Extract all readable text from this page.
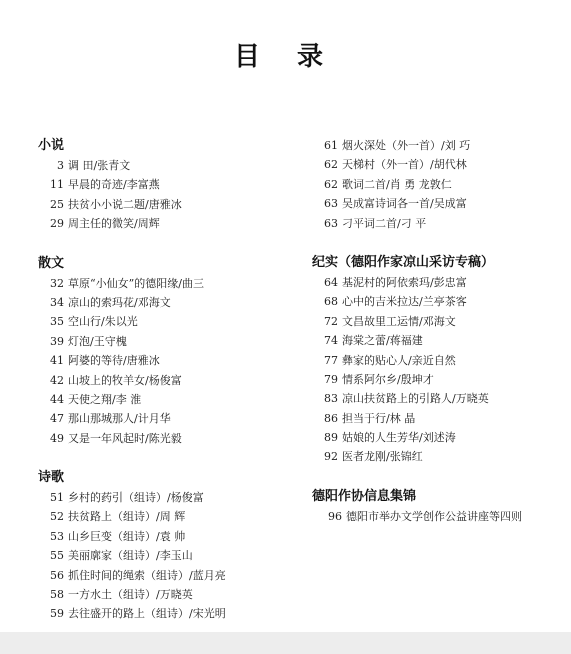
目 录
小说
3 调 田/张青文
11 早晨的奇迹/李富燕
25 扶贫小小说二题/唐雅冰
29 周主任的微笑/周辉
散文
32 草原“小仙女”的德阳缘/曲三
34 凉山的索玛花/邓海文
35 空山行/朱以光
39 灯泡/王守槐
41 阿婆的等待/唐雅冰
42 山坡上的牧羊女/杨俊富
44 天使之翔/李 淮
47 那山那城那人/计月华
49 又是一年风起时/陈光毅
诗歌
51 乡村的药引（组诗）/杨俊富
52 扶贫路上（组诗）/周 辉
53 山乡巨变（组诗）/袁 帅
55 美丽廓家（组诗）/李玉山
56 抓住时间的绳索（组诗）/蓝月亮
58 一方水土（组诗）/万晓英
59 去往盛开的路上（组诗）/宋光明
61 烟火深处（外一首）/刘 巧
62 天梯村（外一首）/胡代林
62 歌词二首/肖 勇 龙敦仁
63 吴成富诗词各一首/吴成富
63 刁平词二首/刁 平
纪实（德阳作家凉山采访专稿）
64 基泥村的阿依索玛/彭忠富
68 心中的吉米拉达/兰亭茶客
72 文昌故里工运情/邓海文
74 海棠之蕾/蒋福建
77 彝家的贴心人/亲近自然
79 情系阿尔乡/殷坤才
83 凉山扶贫路上的引路人/万晓英
86 担当于行/林 晶
89 姑娘的人生芳华/刘述涛
92 医者龙刚/张锦红
德阳作协信息集锦
96 德阳市举办文学创作公益讲座等四则
